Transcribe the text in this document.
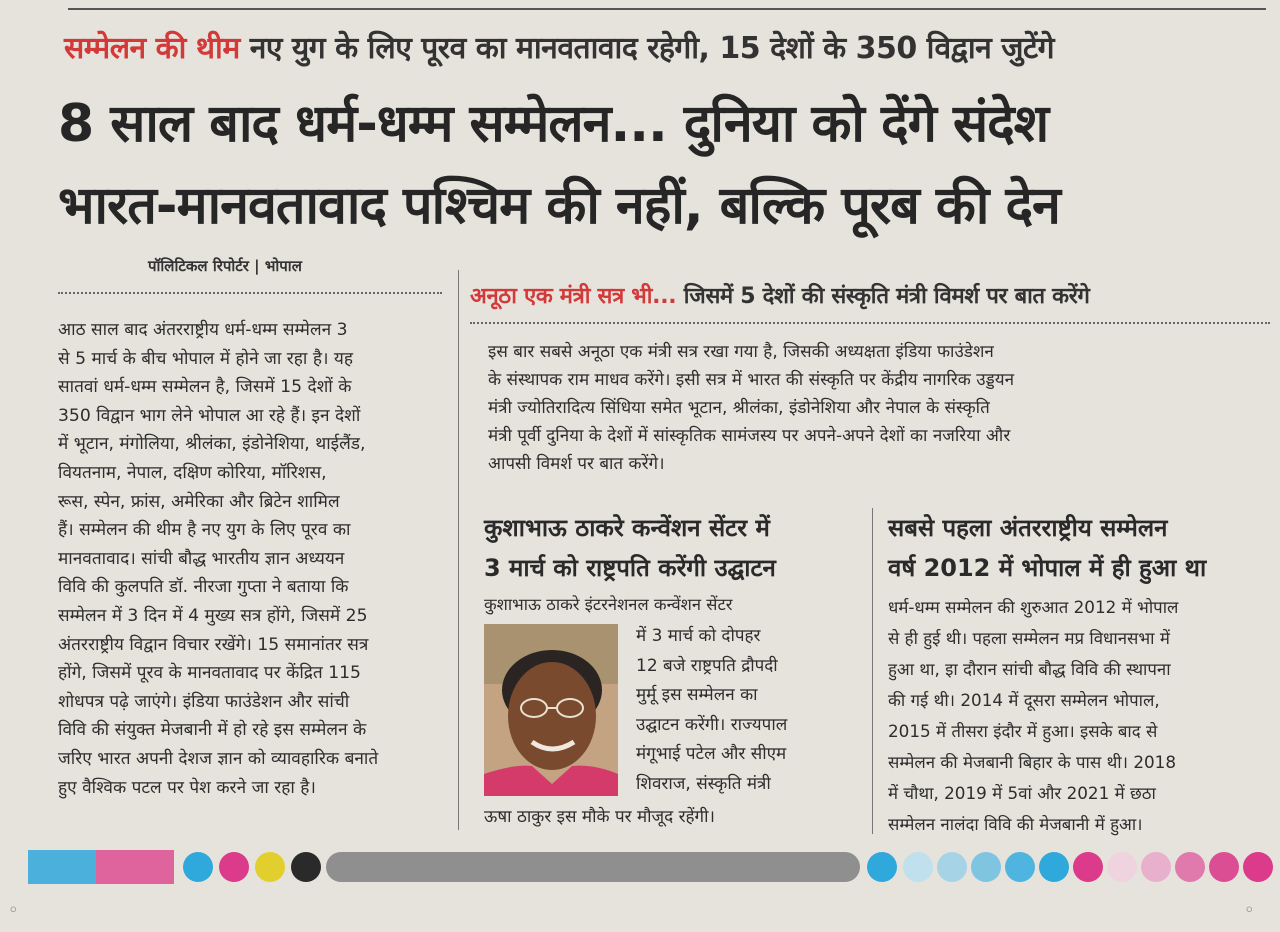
सम्मेलन की थीम नए युग के लिए पूरव का मानवतावाद रहेगी, 15 देशों के 350 विद्वान जुटेंगे
8 साल बाद धर्म-धम्म सम्मेलन... दुनिया को देंगे संदेश
भारत-मानवतावाद पश्चिम की नहीं, बल्कि पूरब की देन
पॉलिटिकल रिपोर्टर | भोपाल
आठ साल बाद अंतरराष्ट्रीय धर्म-धम्म सम्मेलन 3
से 5 मार्च के बीच भोपाल में होने जा रहा है। यह
सातवां धर्म-धम्म सम्मेलन है, जिसमें 15 देशों के
350 विद्वान भाग लेने भोपाल आ रहे हैं। इन देशों
में भूटान, मंगोलिया, श्रीलंका, इंडोनेशिया, थाईलैंड,
वियतनाम, नेपाल, दक्षिण कोरिया, मॉरिशस,
रूस, स्पेन, फ्रांस, अमेरिका और ब्रिटेन शामिल
हैं। सम्मेलन की थीम है नए युग के लिए पूरव का
मानवतावाद। सांची बौद्ध भारतीय ज्ञान अध्ययन
विवि की कुलपति डॉ. नीरजा गुप्ता ने बताया कि
सम्मेलन में 3 दिन में 4 मुख्य सत्र होंगे, जिसमें 25
अंतरराष्ट्रीय विद्वान विचार रखेंगे। 15 समानांतर सत्र
होंगे, जिसमें पूरव के मानवतावाद पर केंद्रित 115
शोधपत्र पढ़े जाएंगे। इंडिया फाउंडेशन और सांची
विवि की संयुक्त मेजबानी में हो रहे इस सम्मेलन के
जरिए भारत अपनी देशज ज्ञान को व्यावहारिक बनाते
हुए वैश्विक पटल पर पेश करने जा रहा है।
अनूठा एक मंत्री सत्र भी... जिसमें 5 देशों की संस्कृति मंत्री विमर्श पर बात करेंगे
इस बार सबसे अनूठा एक मंत्री सत्र रखा गया है, जिसकी अध्यक्षता इंडिया फाउंडेशन
के संस्थापक राम माधव करेंगे। इसी सत्र में भारत की संस्कृति पर केंद्रीय नागरिक उड्डयन
मंत्री ज्योतिरादित्य सिंधिया समेत भूटान, श्रीलंका, इंडोनेशिया और नेपाल के संस्कृति
मंत्री पूर्वी दुनिया के देशों में सांस्कृतिक सामंजस्य पर अपने-अपने देशों का नजरिया और
आपसी विमर्श पर बात करेंगे।
कुशाभाऊ ठाकरे कन्वेंशन सेंटर में
3 मार्च को राष्ट्रपति करेंगी उद्घाटन
कुशाभाऊ ठाकरे इंटरनेशनल कन्वेंशन सेंटर
में 3 मार्च को दोपहर
12 बजे राष्ट्रपति द्रौपदी
मुर्मू इस सम्मेलन का
उद्घाटन करेंगी। राज्यपाल
मंगूभाई पटेल और सीएम
शिवराज, संस्कृति मंत्री
ऊषा ठाकुर इस मौके पर मौजूद रहेंगी।
सबसे पहला अंतरराष्ट्रीय सम्मेलन
वर्ष 2012 में भोपाल में ही हुआ था
धर्म-धम्म सम्मेलन की शुरुआत 2012 में भोपाल
से ही हुई थी। पहला सम्मेलन मप्र विधानसभा में
हुआ था, इा दौरान सांची बौद्ध विवि की स्थापना
की गई थी। 2014 में दूसरा सम्मेलन भोपाल,
2015 में तीसरा इंदौर में हुआ। इसके बाद से
सम्मेलन की मेजबानी बिहार के पास थी। 2018
में चौथा, 2019 में 5वां और 2021 में छठा
सम्मेलन नालंदा विवि की मेजबानी में हुआ।
◦	◦
